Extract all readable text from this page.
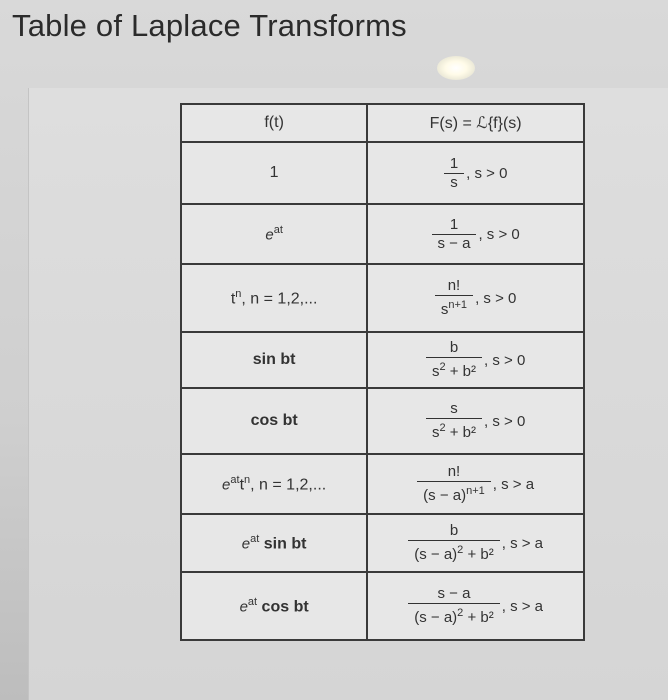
Table of Laplace Transforms
f(t)	F(s) = ℒ{f}(s)
1	$\frac{1}{s}$ , s > 0
$e^{at}$	$\frac{1}{s - a}$ , s > 0
$t^n$, n = 1,2,...	$\frac{n!}{s^{n+1}}$ , s > 0
sin bt	$\frac{b}{s^2 + b^2}$ , s > 0
cos bt	$\frac{s}{s^2 + b^2}$ , s > 0
$e^{at}t^n$, n = 1,2,...	$\frac{n!}{(s - a)^{n+1}}$ , s > a
$e^{at}$ sin bt	$\frac{b}{(s - a)^2 + b^2}$ , s > a
$e^{at}$ cos bt	$\frac{s - a}{(s - a)^2 + b^2}$ , s > a
